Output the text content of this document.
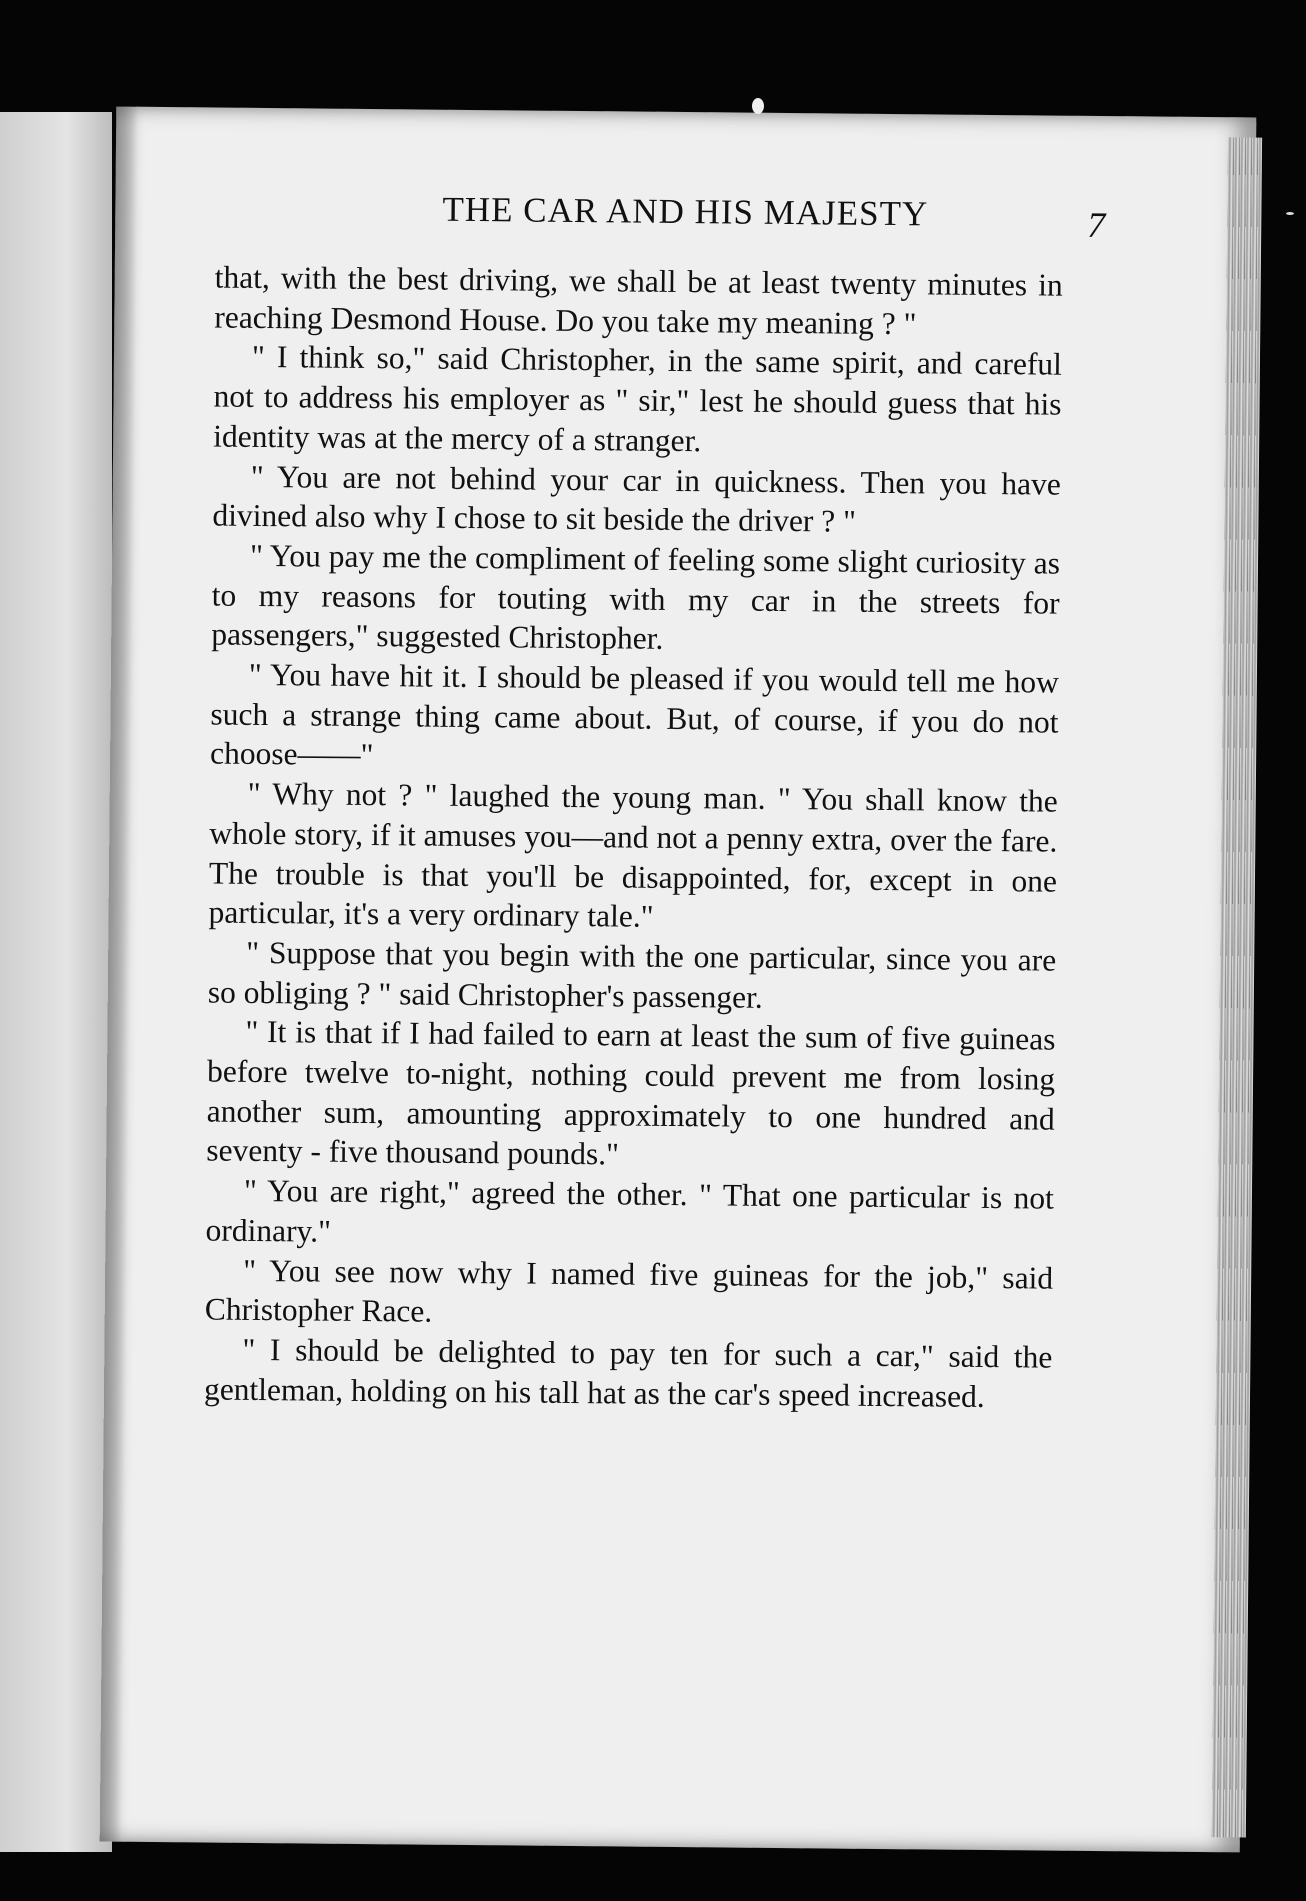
THE CAR AND HIS MAJESTY	7

that, with the best driving, we shall be at least twenty minutes in reaching Desmond House. Do you take my meaning ? "

" I think so," said Christopher, in the same spirit, and careful not to address his employer as " sir," lest he should guess that his identity was at the mercy of a stranger.

" You are not behind your car in quickness. Then you have divined also why I chose to sit beside the driver ? "

" You pay me the compliment of feeling some slight curiosity as to my reasons for touting with my car in the streets for passengers," suggested Christopher.

" You have hit it. I should be pleased if you would tell me how such a strange thing came about. But, of course, if you do not choose——"

" Why not ? " laughed the young man. " You shall know the whole story, if it amuses you—and not a penny extra, over the fare. The trouble is that you'll be disappointed, for, except in one particular, it's a very ordinary tale."

" Suppose that you begin with the one particular, since you are so obliging ? " said Christopher's passenger.

" It is that if I had failed to earn at least the sum of five guineas before twelve to-night, nothing could prevent me from losing another sum, amounting approximately to one hundred and seventy - five thousand pounds."

" You are right," agreed the other. " That one particular is not ordinary."

" You see now why I named five guineas for the job," said Christopher Race.

" I should be delighted to pay ten for such a car," said the gentleman, holding on his tall hat as the car's speed increased.
